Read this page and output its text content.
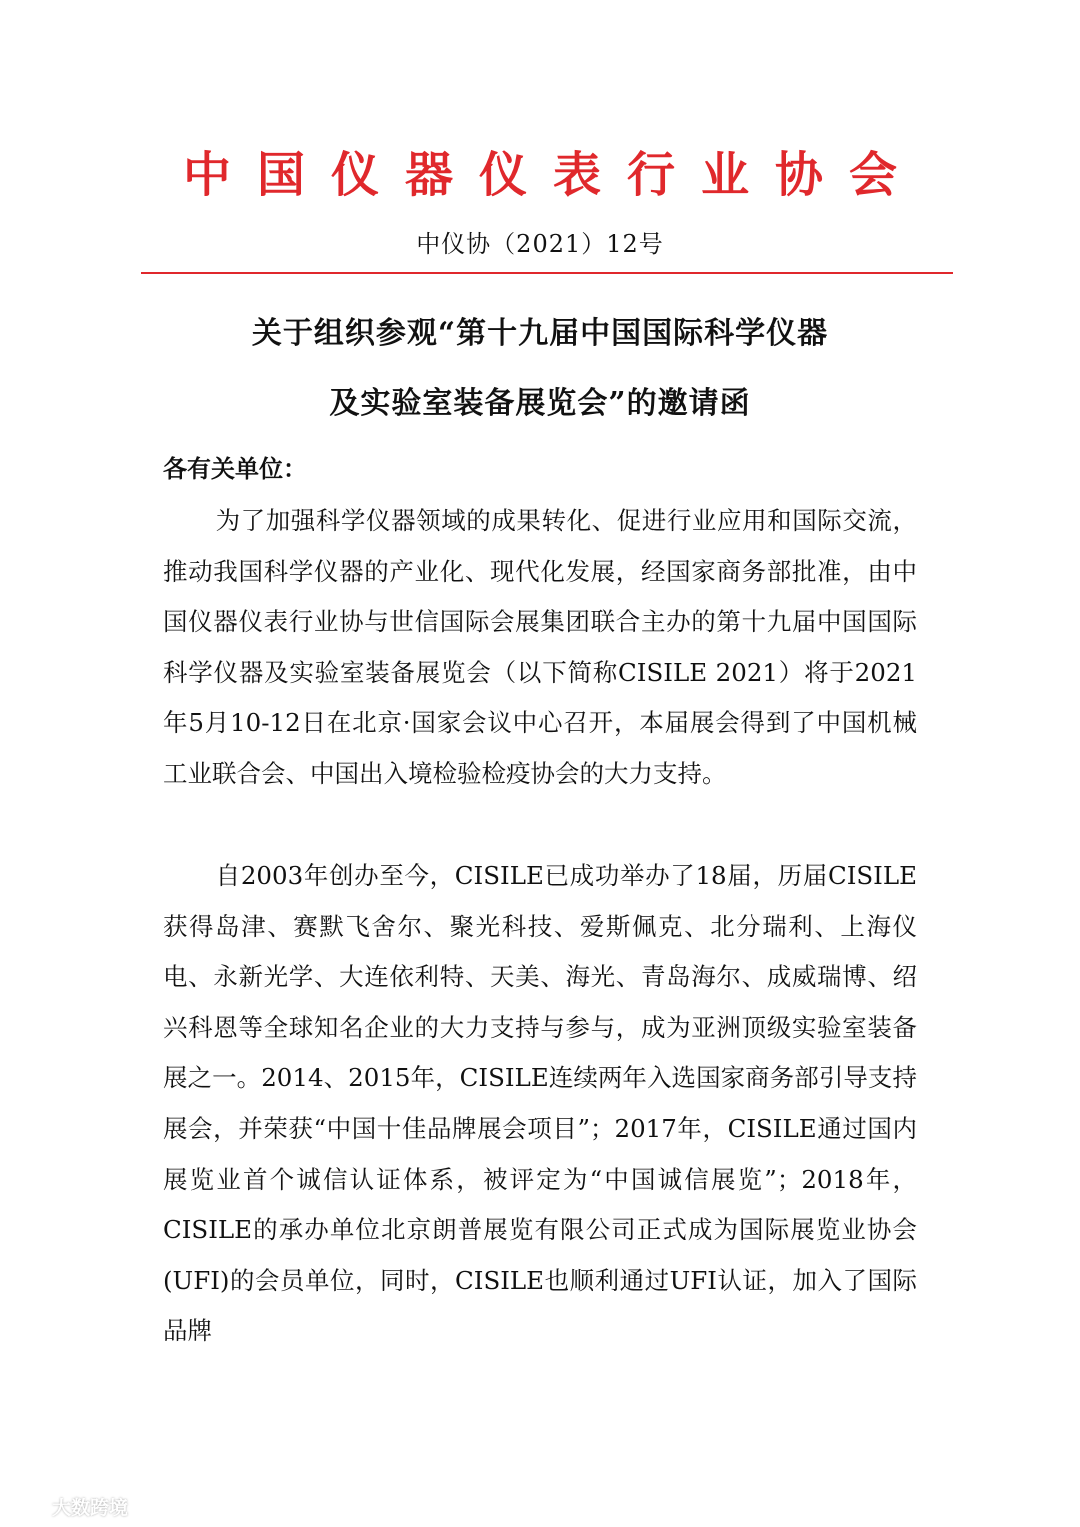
中国仪器仪表行业协会
中仪协（2021）12号
关于组织参观“第十九届中国国际科学仪器
及实验室装备展览会”的邀请函
各有关单位：
为了加强科学仪器领域的成果转化、促进行业应用和国际交流，推动我国科学仪器的产业化、现代化发展，经国家商务部批准，由中国仪器仪表行业协与世信国际会展集团联合主办的第十九届中国国际科学仪器及实验室装备展览会（以下简称CISILE 2021）将于2021年5月10-12日在北京·国家会议中心召开，本届展会得到了中国机械工业联合会、中国出入境检验检疫协会的大力支持。
自2003年创办至今，CISILE已成功举办了18届，历届CISILE获得岛津、赛默飞舍尔、聚光科技、爱斯佩克、北分瑞利、上海仪电、永新光学、大连依利特、天美、海光、青岛海尔、成威瑞博、绍兴科恩等全球知名企业的大力支持与参与，成为亚洲顶级实验室装备展之一。2014、2015年，CISILE连续两年入选国家商务部引导支持展会，并荣获“中国十佳品牌展会项目”；2017年，CISILE通过国内展览业首个诚信认证体系，被评定为“中国诚信展览”；2018年，CISILE的承办单位北京朗普展览有限公司正式成为国际展览业协会(UFI)的会员单位，同时，CISILE也顺利通过UFI认证，加入了国际品牌
大数跨境
